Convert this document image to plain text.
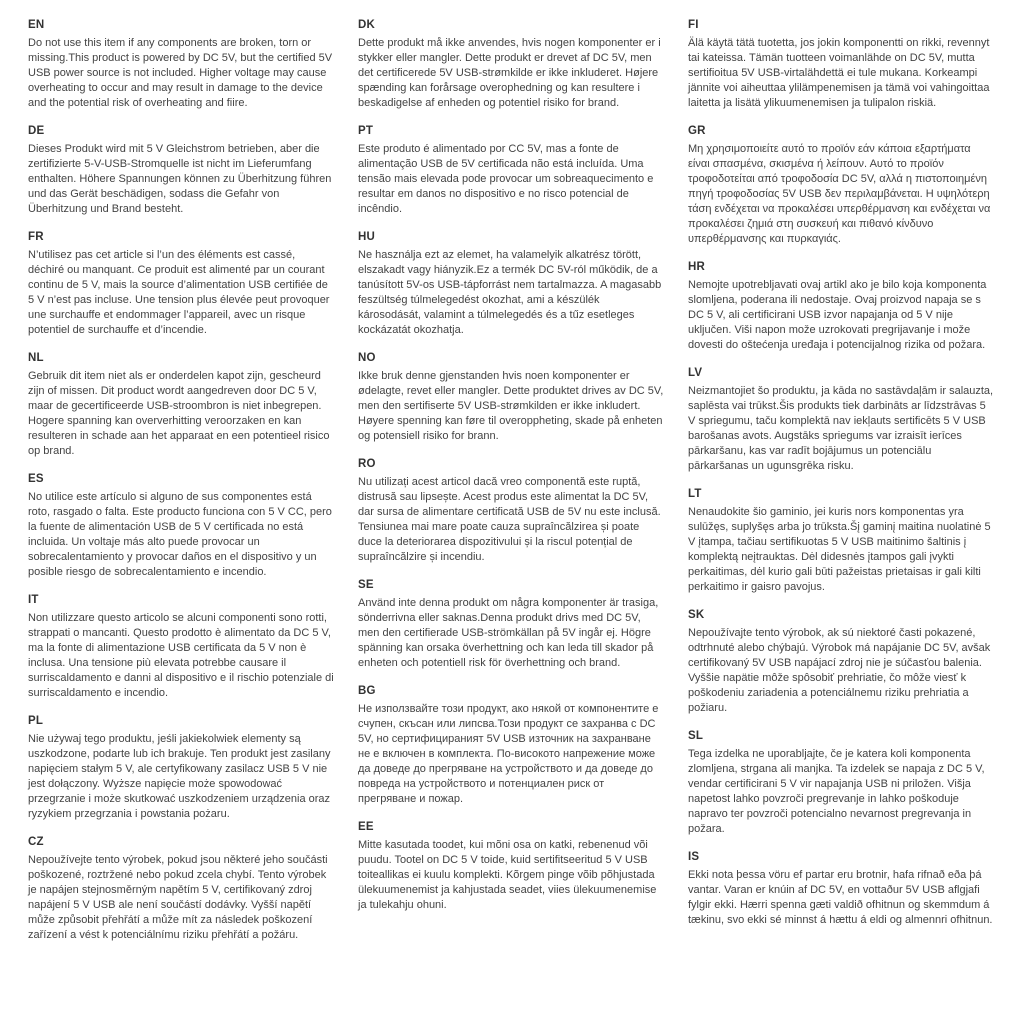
EN

Do not use this item if any components are broken, torn or missing.This product is powered by DC 5V, but the certified 5V USB power source is not included. Higher voltage may cause overheating to occur and may result in damage to the device and the potential risk of overheating and fiire.

DE

Dieses Produkt wird mit 5 V Gleichstrom betrieben, aber die zertifizierte 5-V-USB-Stromquelle ist nicht im Lieferumfang enthalten. Höhere Spannungen können zu Überhitzung führen und das Gerät beschädigen, sodass die Gefahr von Überhitzung und Brand besteht.

FR

N’utilisez pas cet article si l’un des éléments est cassé, déchiré ou manquant. Ce produit est alimenté par un courant continu de 5 V, mais la source d’alimentation USB certifiée de 5 V n’est pas incluse. Une tension plus élevée peut provoquer une surchauffe et endommager l’appareil, avec un risque potentiel de surchauffe et d’incendie.

NL

Gebruik dit item niet als er onderdelen kapot zijn, gescheurd zijn of missen. Dit product wordt aangedreven door DC 5 V, maar de gecertificeerde USB-stroombron is niet inbegrepen. Hogere spanning kan oververhitting veroorzaken en kan resulteren in schade aan het apparaat en een potentieel risico op brand.

ES

No utilice este artículo si alguno de sus componentes está roto, rasgado o falta. Este producto funciona con 5 V CC, pero la fuente de alimentación USB de 5 V certificada no está incluida. Un voltaje más alto puede provocar un sobrecalentamiento y provocar daños en el dispositivo y un posible riesgo de sobrecalentamiento e incendio.

IT

Non utilizzare questo articolo se alcuni componenti sono rotti, strappati o mancanti. Questo prodotto è alimentato da DC 5 V, ma la fonte di alimentazione USB certificata da 5 V non è inclusa. Una tensione più elevata potrebbe causare il surriscaldamento e danni al dispositivo e il rischio potenziale di surriscaldamento e incendio.

PL

Nie używaj tego produktu, jeśli jakiekolwiek elementy są uszkodzone, podarte lub ich brakuje. Ten produkt jest zasilany napięciem stałym 5 V, ale certyfikowany zasilacz USB 5 V nie jest dołączony. Wyższe napięcie może spowodować przegrzanie i może skutkować uszkodzeniem urządzenia oraz ryzykiem przegrzania i powstania pożaru.

CZ

Nepoužívejte tento výrobek, pokud jsou některé jeho součásti poškozené, roztržené nebo pokud zcela chybí. Tento výrobek je napájen stejnosměrným napětím 5 V, certifikovaný zdroj napájení 5 V USB ale není součástí dodávky. Vyšší napětí může způsobit přehřátí a může mít za následek poškození zařízení a vést k potenciálnímu riziku přehřátí a požáru.

DK

Dette produkt må ikke anvendes, hvis nogen komponenter er i stykker eller mangler. Dette produkt er drevet af DC 5V, men det certificerede 5V USB-strømkilde er ikke inkluderet. Højere spænding kan forårsage overophedning og kan resultere i beskadigelse af enheden og potentiel risiko for brand.

PT

Este produto é alimentado por CC 5V, mas a fonte de alimentação USB de 5V certificada não está incluída. Uma tensão mais elevada pode provocar um sobreaquecimento e resultar em danos no dispositivo e no risco potencial de incêndio.

HU

Ne használja ezt az elemet, ha valamelyik alkatrész törött, elszakadt vagy hiányzik.Ez a termék DC 5V-ról működik, de a tanúsított 5V-os USB-tápforrást nem tartalmazza. A magasabb feszültség túlmelegedést okozhat, ami a készülék károsodását, valamint a túlmelegedés és a tűz esetleges kockázatát okozhatja.

NO

Ikke bruk denne gjenstanden hvis noen komponenter er ødelagte, revet eller mangler. Dette produktet drives av DC 5V, men den sertifiserte 5V USB-strømkilden er ikke inkludert. Høyere spenning kan føre til overoppheting, skade på enheten og potensiell risiko for brann.

RO

Nu utilizați acest articol dacă vreo componentă este ruptă, distrusă sau lipsește. Acest produs este alimentat la DC 5V, dar sursa de alimentare certificată USB de 5V nu este inclusă. Tensiunea mai mare poate cauza supraîncălzirea și poate duce la deteriorarea dispozitivului și la riscul potențial de supraîncălzire și incendiu.

SE

Använd inte denna produkt om några komponenter är trasiga, sönderrivna eller saknas.Denna produkt drivs med DC 5V, men den certifierade USB-strömkällan på 5V ingår ej. Högre spänning kan orsaka överhettning och kan leda till skador på enheten och potentiell risk för överhettning och brand.

BG

Не използвайте този продукт, ако някой от компонентите е счупен, скъсан или липсва.Този продукт се захранва с DC 5V, но сертифицираният 5V USB източник на захранване не е включен в комплекта. По-високото напрежение може да доведе до прегряване на устройството и да доведе до повреда на устройството и потенциален риск от прегряване и пожар.

EE

Mitte kasutada toodet, kui mõni osa on katki, rebenenud või puudu. Tootel on DC 5 V toide, kuid sertifitseeritud 5 V USB toiteallikas ei kuulu komplekti. Kõrgem pinge võib põhjustada ülekuumenemist ja kahjustada seadet, viies ülekuumenemise ja tulekahju ohuni.

FI

Älä käytä tätä tuotetta, jos jokin komponentti on rikki, revennyt tai kateissa. Tämän tuotteen voimanlähde on DC 5V, mutta sertifioitua 5V USB-virtalähdettä ei tule mukana. Korkeampi jännite voi aiheuttaa ylilämpenemisen ja tämä voi vahingoittaa laitetta ja lisätä ylikuumenemisen ja tulipalon riskiä.

GR

Μη χρησιμοποιείτε αυτό το προϊόν εάν κάποια εξαρτήματα είναι σπασμένα, σκισμένα ή λείπουν. Αυτό το προϊόν τροφοδοτείται από τροφοδοσία DC 5V, αλλά η πιστοποιημένη πηγή τροφοδοσίας 5V USB δεν περιλαμβάνεται. Η υψηλότερη τάση ενδέχεται να προκαλέσει υπερθέρμανση και ενδέχεται να προκαλέσει ζημιά στη συσκευή και πιθανό κίνδυνο υπερθέρμανσης και πυρκαγιάς.

HR

Nemojte upotrebljavati ovaj artikl ako je bilo koja komponenta slomljena, poderana ili nedostaje. Ovaj proizvod napaja se s DC 5 V, ali certificirani USB izvor napajanja od 5 V nije uključen. Viši napon može uzrokovati pregrijavanje i može dovesti do oštećenja uređaja i potencijalnog rizika od požara.

LV

Neizmantojiet šo produktu, ja kāda no sastāvdaļām ir salauzta, saplēsta vai trūkst.Šis produkts tiek darbināts ar līdzstrāvas 5 V spriegumu, taču komplektā nav iekļauts sertificēts 5 V USB barošanas avots. Augstāks spriegums var izraisīt ierīces pārkaršanu, kas var radīt bojājumus un potenciālu pārkaršanas un ugunsgrēka risku.

LT

Nenaudokite šio gaminio, jei kuris nors komponentas yra sulūžęs, suplyšęs arba jo trūksta.Šį gaminį maitina nuolatinė 5 V įtampa, tačiau sertifikuotas 5 V USB maitinimo šaltinis į komplektą neįtrauktas. Dėl didesnės įtampos gali įvykti perkaitimas, dėl kurio gali būti pažeistas prietaisas ir gali kilti perkaitimo ir gaisro pavojus.

SK

Nepoužívajte tento výrobok, ak sú niektoré časti pokazené, odtrhnuté alebo chýbajú. Výrobok má napájanie DC 5V, avšak certifikovaný 5V USB napájací zdroj nie je súčasťou balenia. Vyššie napätie môže spôsobiť prehriatie, čo môže viesť k poškodeniu zariadenia a potenciálnemu riziku prehriatia a požiaru.

SL

Tega izdelka ne uporabljajte, če je katera koli komponenta zlomljena, strgana ali manjka. Ta izdelek se napaja z DC 5 V, vendar certificirani 5 V vir napajanja USB ni priložen. Višja napetost lahko povzroči pregrevanje in lahko poškoduje napravo ter povzroči potencialno nevarnost pregrevanja in požara.

IS

Ekki nota þessa vöru ef partar eru brotnir, hafa rifnað eða þá vantar. Varan er knúin af DC 5V, en vottaður 5V USB aflgjafi fylgir ekki. Hærri spenna gæti valdið ofhitnun og skemmdum á tækinu, svo ekki sé minnst á hættu á eldi og almennri ofhitnun.
